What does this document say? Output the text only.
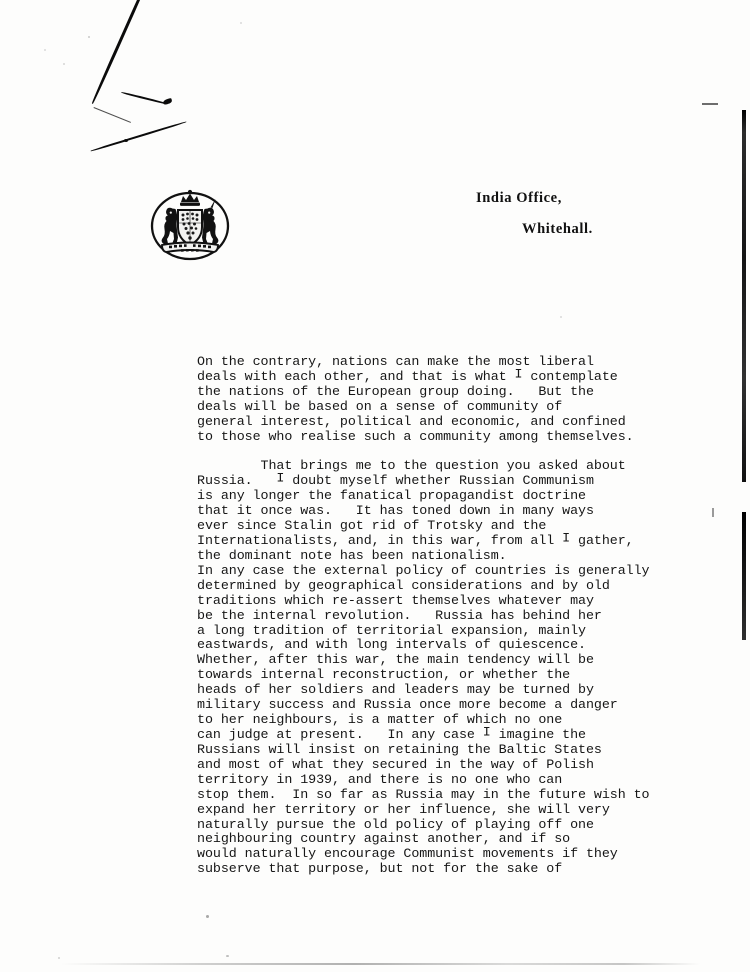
India Office,
Whitehall.
On the contrary, nations can make the most liberal
deals with each other, and that is what I contemplate
the nations of the European group doing.   But the
deals will be based on a sense of community of
general interest, political and economic, and confined
to those who realise such a community among themselves.
That brings me to the question you asked about
Russia.   I doubt myself whether Russian Communism
is any longer the fanatical propagandist doctrine
that it once was.   It has toned down in many ways
ever since Stalin got rid of Trotsky and the
Internationalists, and, in this war, from all I gather,
the dominant note has been nationalism.
In any case the external policy of countries is generally
determined by geographical considerations and by old
traditions which re-assert themselves whatever may
be the internal revolution.   Russia has behind her
a long tradition of territorial expansion, mainly
eastwards, and with long intervals of quiescence.
Whether, after this war, the main tendency will be
towards internal reconstruction, or whether the
heads of her soldiers and leaders may be turned by
military success and Russia once more become a danger
to her neighbours, is a matter of which no one
can judge at present.   In any case I imagine the
Russians will insist on retaining the Baltic States
and most of what they secured in the way of Polish
territory in 1939, and there is no one who can
stop them.  In so far as Russia may in the future wish to
expand her territory or her influence, she will very
naturally pursue the old policy of playing off one
neighbouring country against another, and if so
would naturally encourage Communist movements if they
subserve that purpose, but not for the sake of
